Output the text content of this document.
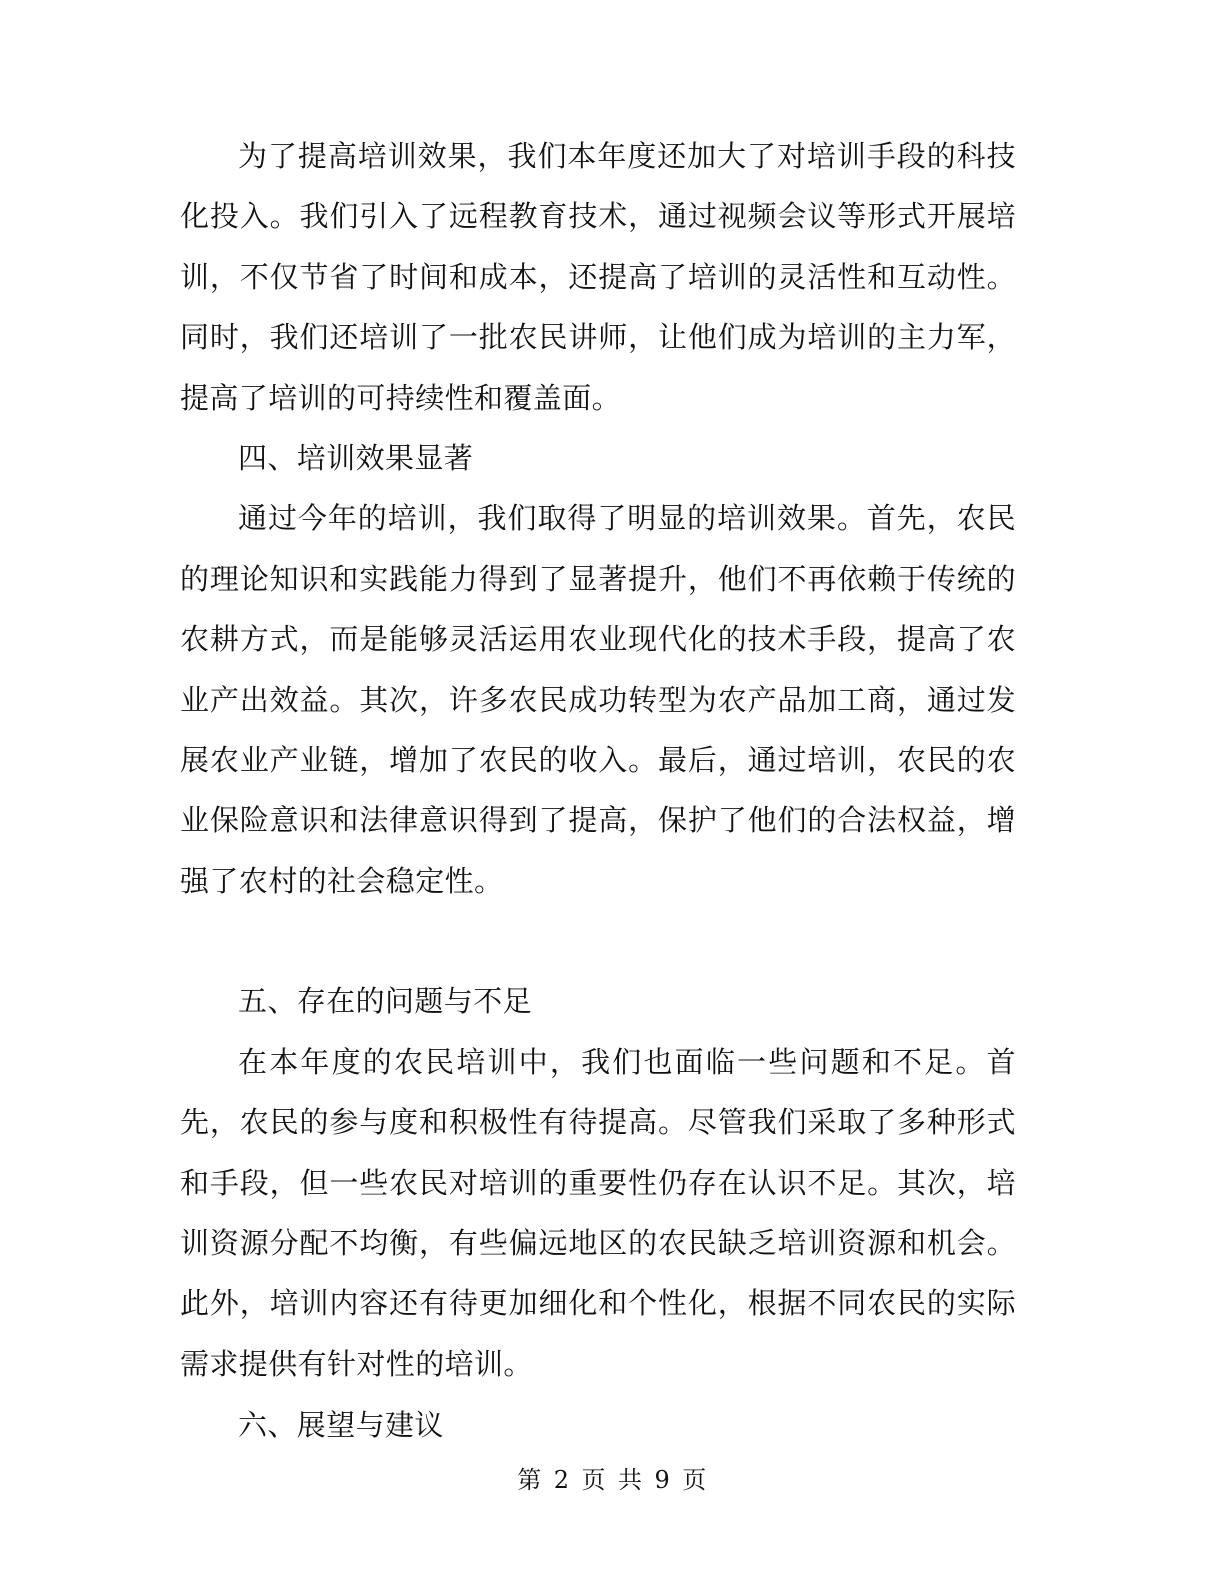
为了提高培训效果，我们本年度还加大了对培训手段的科技化投入。我们引入了远程教育技术，通过视频会议等形式开展培训，不仅节省了时间和成本，还提高了培训的灵活性和互动性。同时，我们还培训了一批农民讲师，让他们成为培训的主力军，提高了培训的可持续性和覆盖面。

四、培训效果显著

通过今年的培训，我们取得了明显的培训效果。首先，农民的理论知识和实践能力得到了显著提升，他们不再依赖于传统的农耕方式，而是能够灵活运用农业现代化的技术手段，提高了农业产出效益。其次，许多农民成功转型为农产品加工商，通过发展农业产业链，增加了农民的收入。最后，通过培训，农民的农业保险意识和法律意识得到了提高，保护了他们的合法权益，增强了农村的社会稳定性。

五、存在的问题与不足

在本年度的农民培训中，我们也面临一些问题和不足。首先，农民的参与度和积极性有待提高。尽管我们采取了多种形式和手段，但一些农民对培训的重要性仍存在认识不足。其次，培训资源分配不均衡，有些偏远地区的农民缺乏培训资源和机会。此外，培训内容还有待更加细化和个性化，根据不同农民的实际需求提供有针对性的培训。

六、展望与建议

第 2 页 共 9 页
